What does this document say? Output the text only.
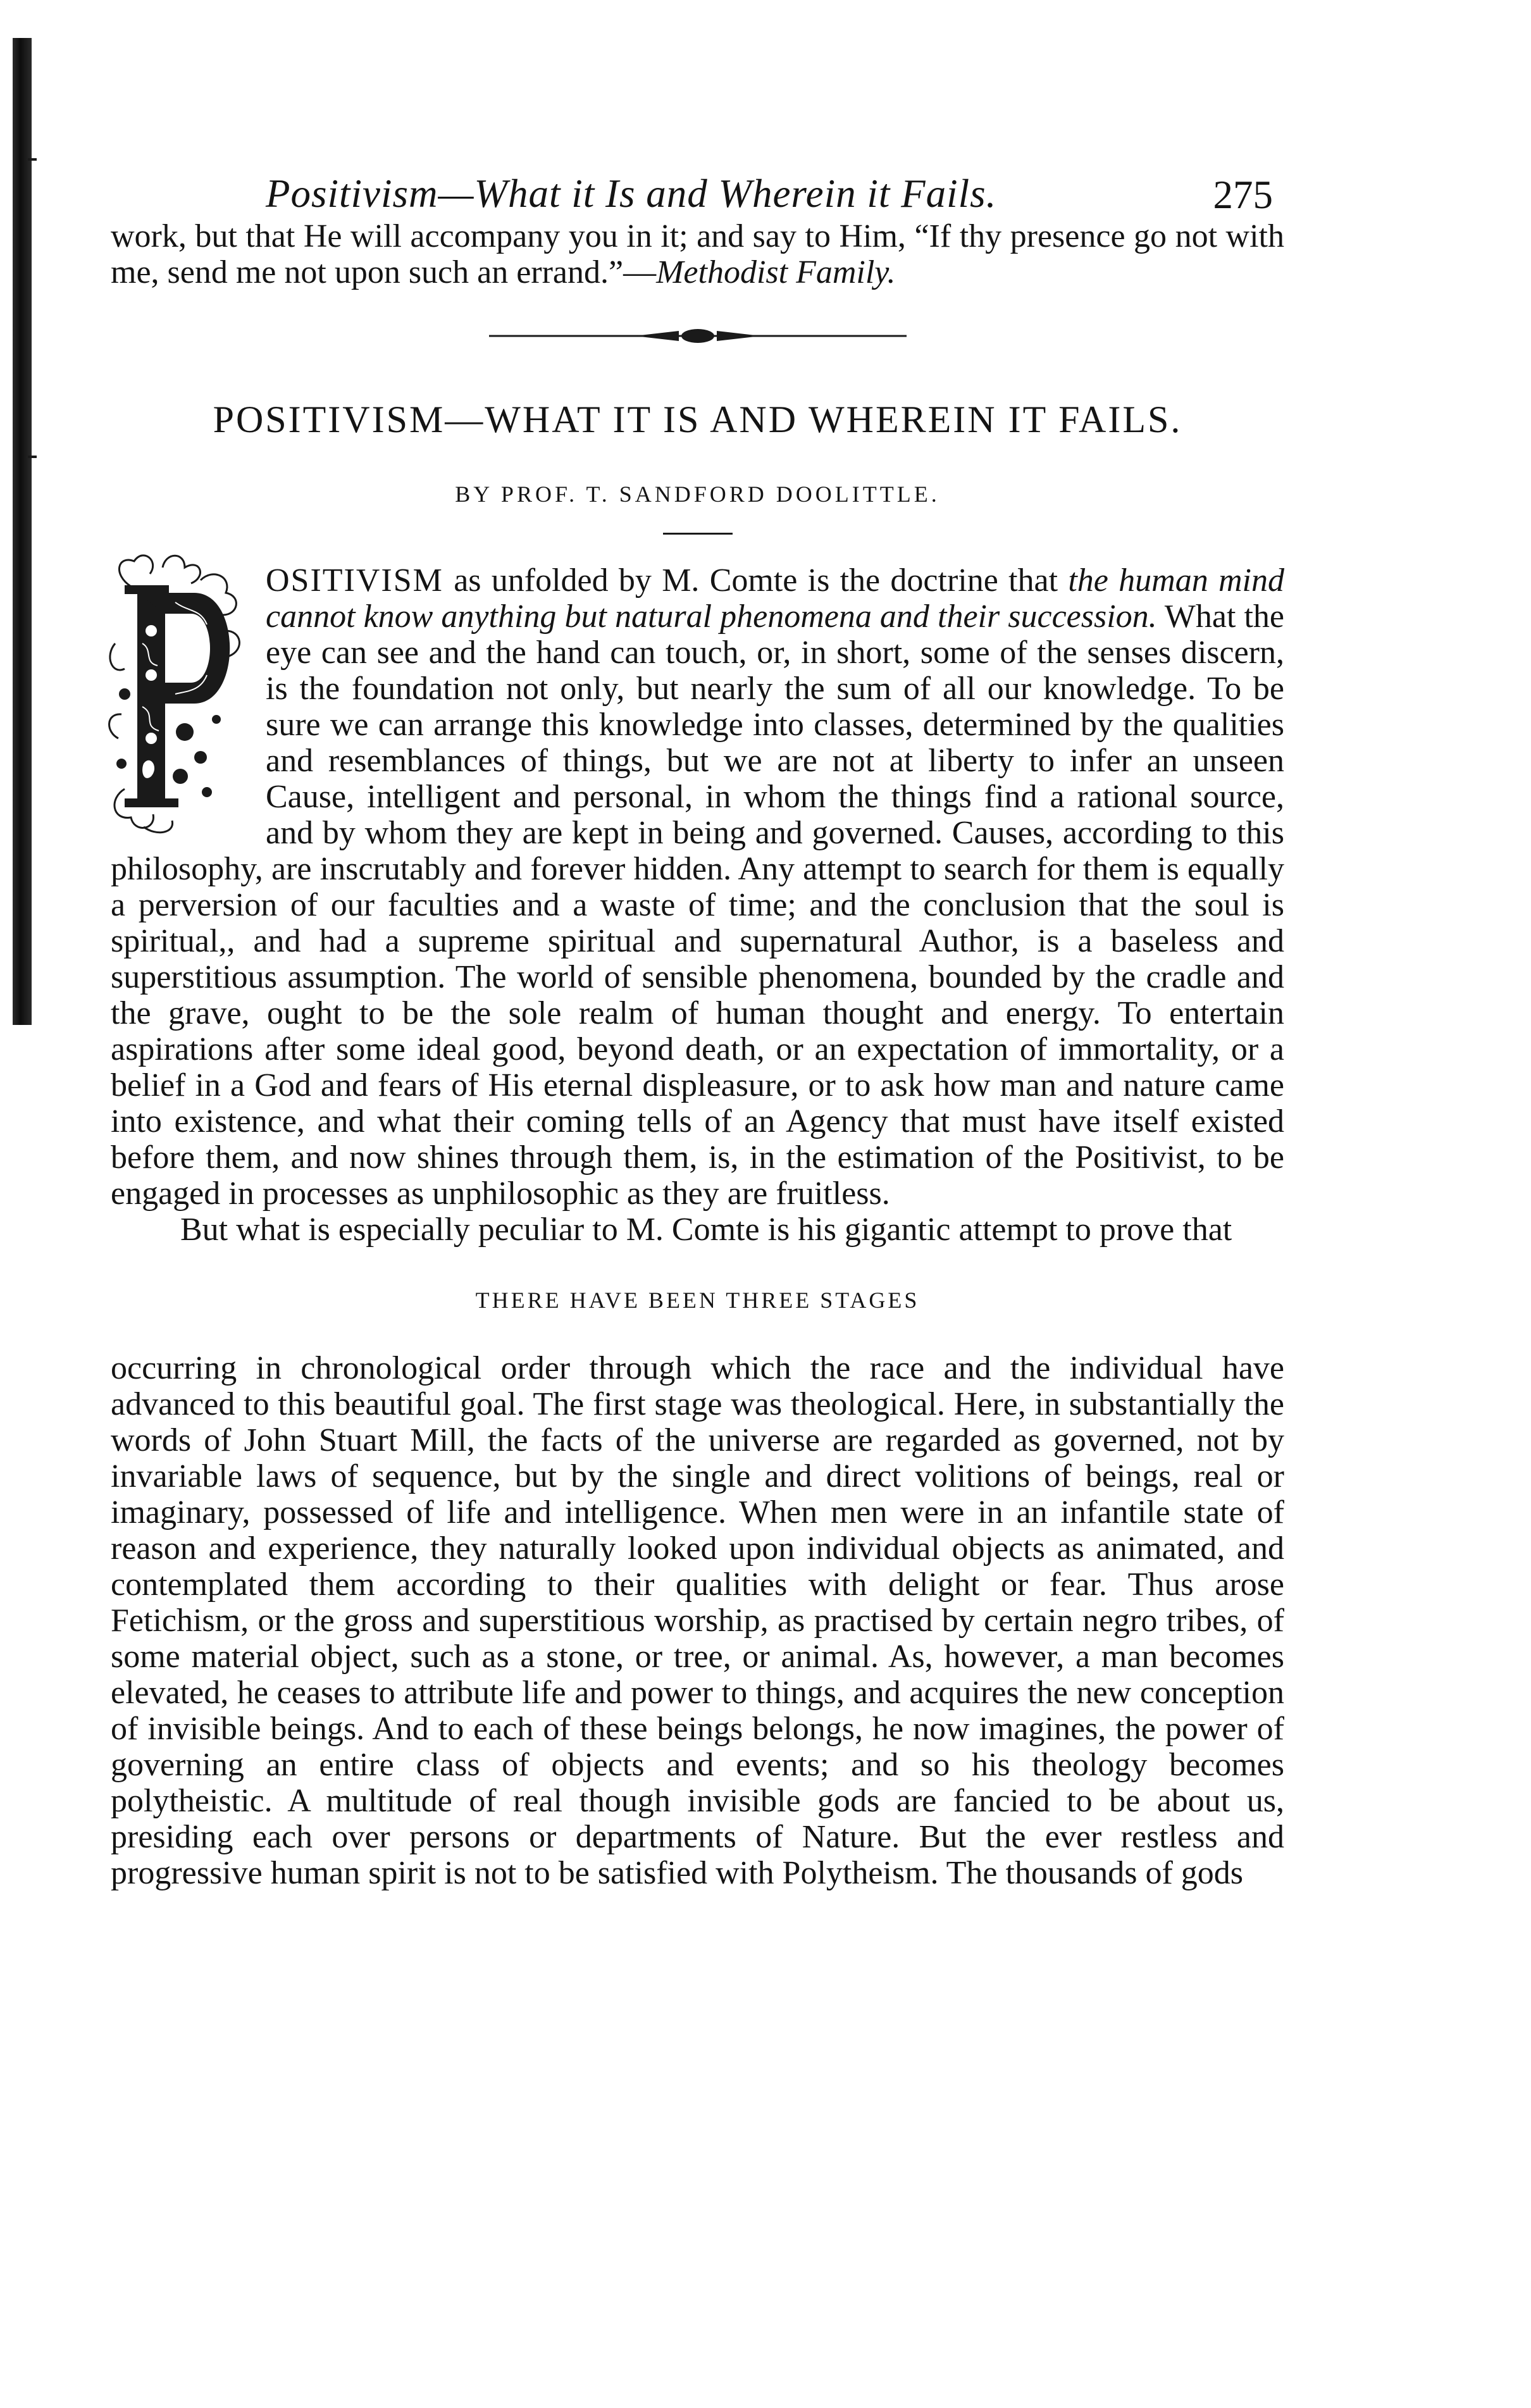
Positivism—What it Is and Wherein it Fails.	275

work, but that He will accompany you in it; and say to Him, “If thy presence go not with me, send me not upon such an errand.”—Methodist Family.

POSITIVISM—WHAT IT IS AND WHEREIN IT FAILS.
BY PROF. T. SANDFORD DOOLITTLE.

OSITIVISM as unfolded by M. Comte is the doctrine that the human mind cannot know anything but natural phenomena and their succession. What the eye can see and the hand can touch, or, in short, some of the senses discern, is the foundation not only, but nearly the sum of all our knowledge. To be sure we can arrange this knowledge into classes, determined by the qualities and resemblances of things, but we are not at liberty to infer an unseen Cause, intelligent and personal, in whom the things find a rational source, and by whom they are kept in being and governed. Causes, according to this philosophy, are inscrutably and forever hidden. Any attempt to search for them is equally a perversion of our faculties and a waste of time; and the conclusion that the soul is spiritual,, and had a supreme spiritual and supernatural Author, is a baseless and superstitious assumption. The world of sensible phenomena, bounded by the cradle and the grave, ought to be the sole realm of human thought and energy. To entertain aspirations after some ideal good, beyond death, or an expectation of immortality, or a belief in a God and fears of His eternal displeasure, or to ask how man and nature came into existence, and what their coming tells of an Agency that must have itself existed before them, and now shines through them, is, in the estimation of the Positivist, to be engaged in processes as unphilosophic as they are fruitless.

But what is especially peculiar to M. Comte is his gigantic attempt to prove that

THERE HAVE BEEN THREE STAGES

occurring in chronological order through which the race and the individual have advanced to this beautiful goal. The first stage was theological. Here, in substantially the words of John Stuart Mill, the facts of the universe are regarded as governed, not by invariable laws of sequence, but by the single and direct volitions of beings, real or imaginary, possessed of life and intelligence. When men were in an infantile state of reason and experience, they naturally looked upon individual objects as animated, and contemplated them according to their qualities with delight or fear. Thus arose Fetichism, or the gross and superstitious worship, as practised by certain negro tribes, of some material object, such as a stone, or tree, or animal. As, however, a man becomes elevated, he ceases to attribute life and power to things, and acquires the new conception of invisible beings. And to each of these beings belongs, he now imagines, the power of governing an entire class of objects and events; and so his theology becomes polytheistic. A multitude of real though invisible gods are fancied to be about us, presiding each over persons or departments of Nature. But the ever restless and progressive human spirit is not to be satisfied with Polytheism. The thousands of gods
